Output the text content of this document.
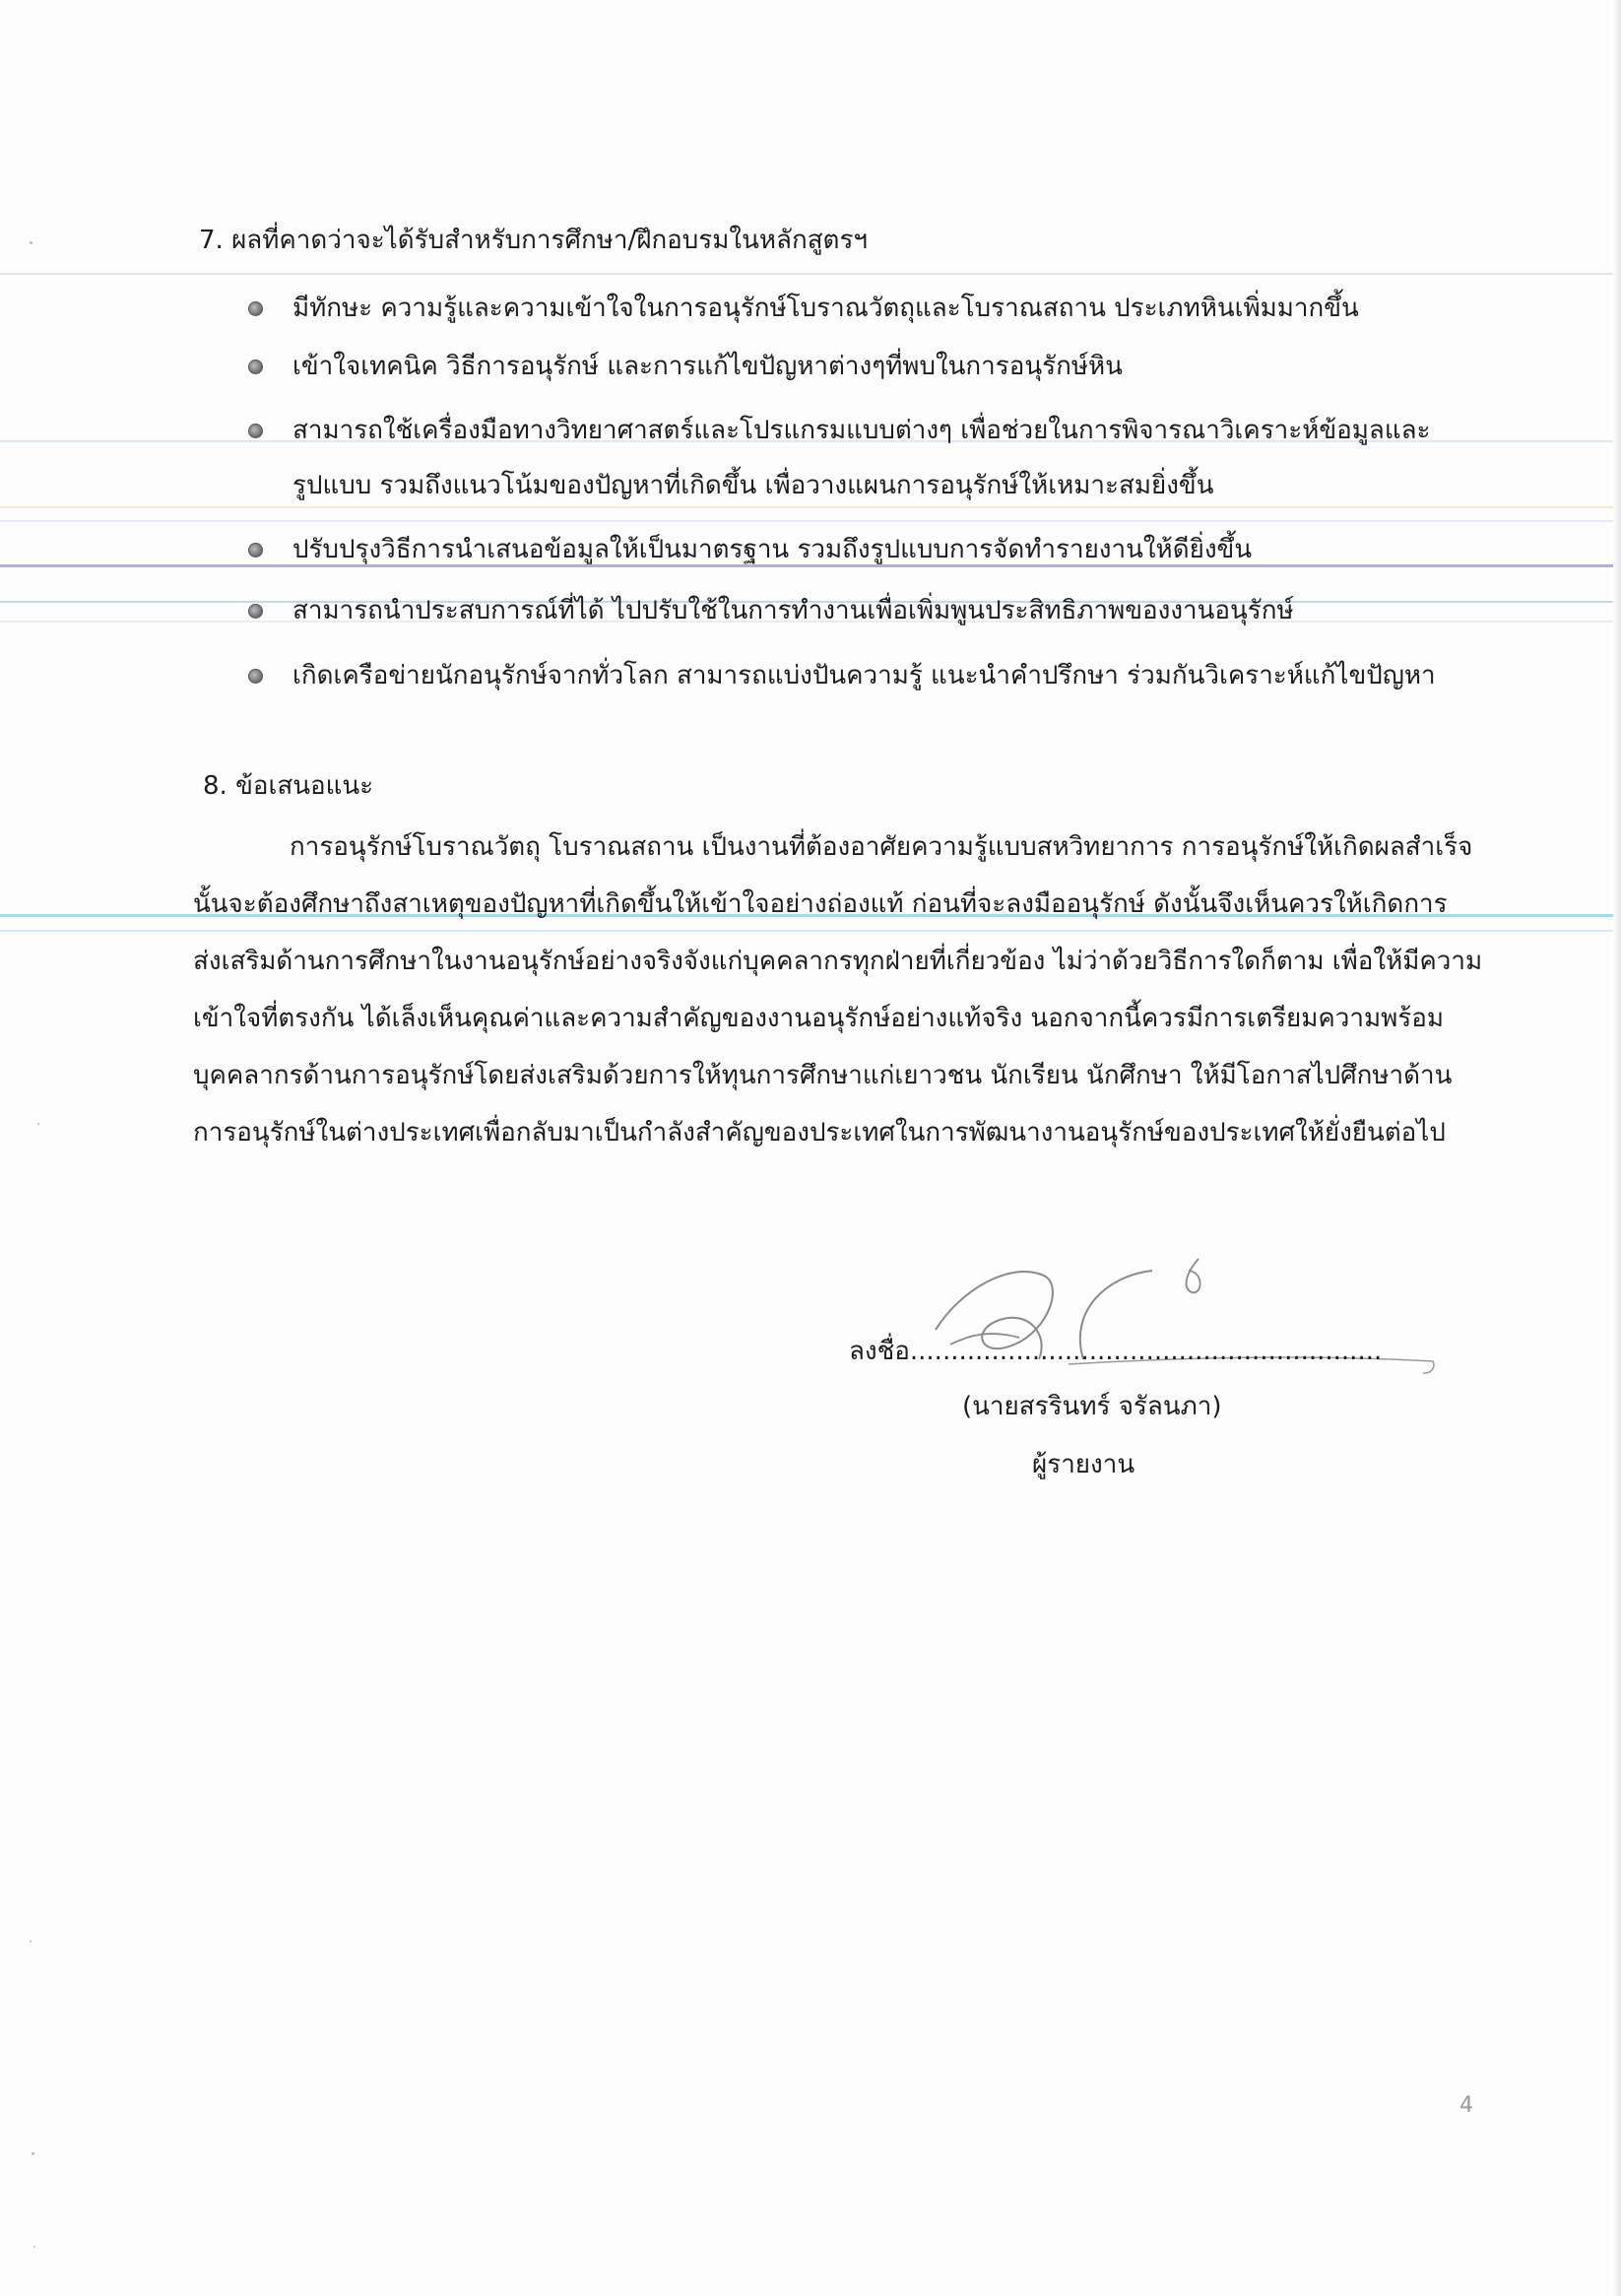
7. ผลที่คาดว่าจะได้รับสำหรับการศึกษา/ฝึกอบรมในหลักสูตรฯ
มีทักษะ ความรู้และความเข้าใจในการอนุรักษ์โบราณวัตถุและโบราณสถาน ประเภทหินเพิ่มมากขึ้น
เข้าใจเทคนิค วิธีการอนุรักษ์ และการแก้ไขปัญหาต่างๆที่พบในการอนุรักษ์หิน
สามารถใช้เครื่องมือทางวิทยาศาสตร์และโปรแกรมแบบต่างๆ เพื่อช่วยในการพิจารณาวิเคราะห์ข้อมูลและ
รูปแบบ รวมถึงแนวโน้มของปัญหาที่เกิดขึ้น เพื่อวางแผนการอนุรักษ์ให้เหมาะสมยิ่งขึ้น
ปรับปรุงวิธีการนำเสนอข้อมูลให้เป็นมาตรฐาน รวมถึงรูปแบบการจัดทำรายงานให้ดียิ่งขึ้น
สามารถนำประสบการณ์ที่ได้ ไปปรับใช้ในการทำงานเพื่อเพิ่มพูนประสิทธิภาพของงานอนุรักษ์
เกิดเครือข่ายนักอนุรักษ์จากทั่วโลก สามารถแบ่งปันความรู้ แนะนำคำปรึกษา ร่วมกันวิเคราะห์แก้ไขปัญหา
8. ข้อเสนอแนะ
การอนุรักษ์โบราณวัตถุ โบราณสถาน เป็นงานที่ต้องอาศัยความรู้แบบสหวิทยาการ การอนุรักษ์ให้เกิดผลสำเร็จ
นั้นจะต้องศึกษาถึงสาเหตุของปัญหาที่เกิดขึ้นให้เข้าใจอย่างถ่องแท้ ก่อนที่จะลงมืออนุรักษ์ ดังนั้นจึงเห็นควรให้เกิดการ
ส่งเสริมด้านการศึกษาในงานอนุรักษ์อย่างจริงจังแก่บุคคลากรทุกฝ่ายที่เกี่ยวข้อง ไม่ว่าด้วยวิธีการใดก็ตาม เพื่อให้มีความ
เข้าใจที่ตรงกัน ได้เล็งเห็นคุณค่าและความสำคัญของงานอนุรักษ์อย่างแท้จริง นอกจากนี้ควรมีการเตรียมความพร้อม
บุคคลากรด้านการอนุรักษ์โดยส่งเสริมด้วยการให้ทุนการศึกษาแก่เยาวชน นักเรียน นักศึกษา ให้มีโอกาสไปศึกษาด้าน
การอนุรักษ์ในต่างประเทศเพื่อกลับมาเป็นกำลังสำคัญของประเทศในการพัฒนางานอนุรักษ์ของประเทศให้ยั่งยืนต่อไป
ลงชื่อ..........................................................
(นายสรรินทร์ จรัลนภา)
ผู้รายงาน
4
